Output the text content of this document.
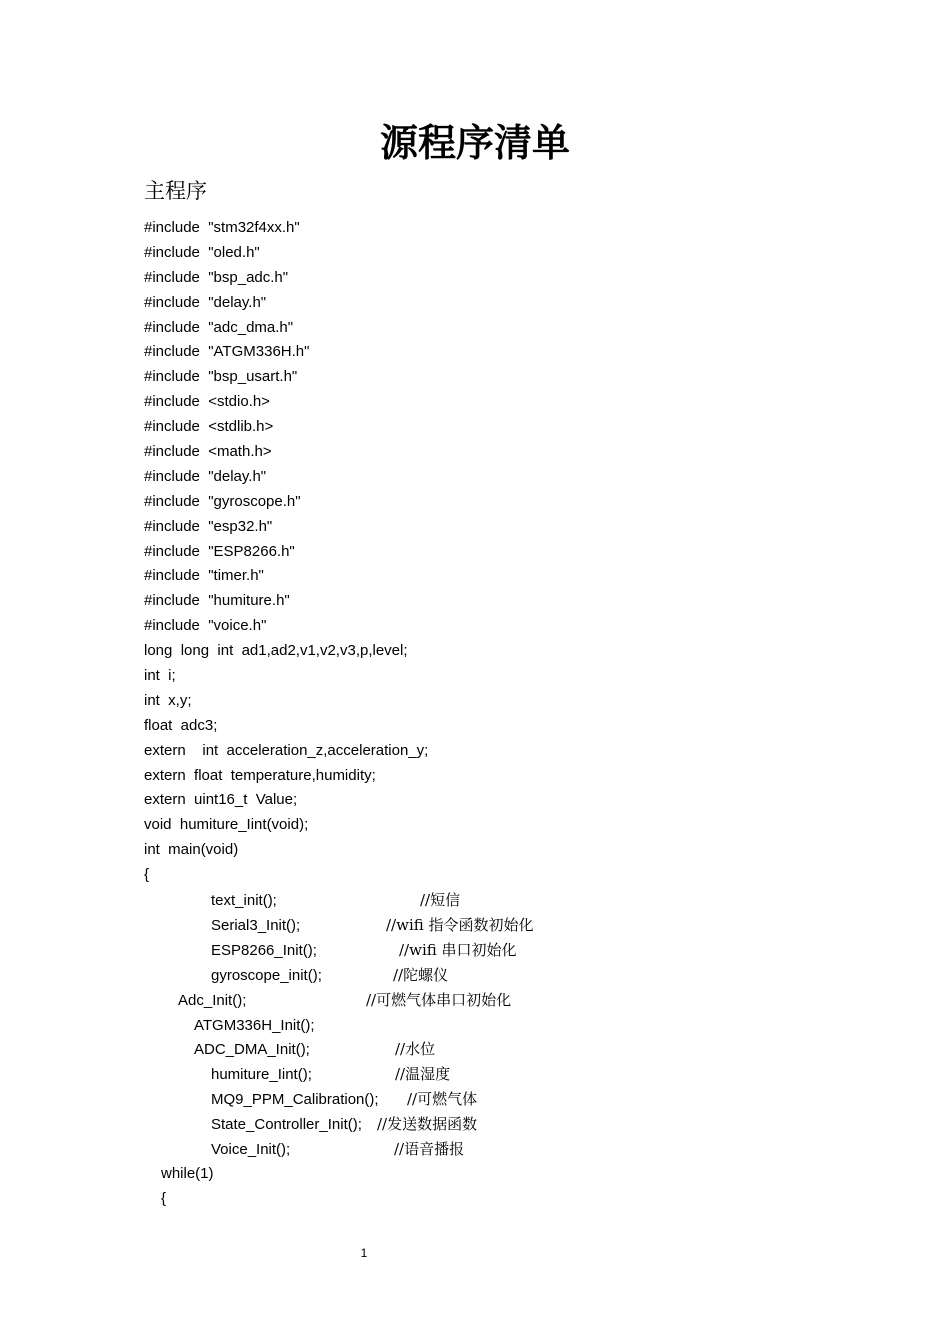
源程序清单
主程序
#include  "stm32f4xx.h"
#include  "oled.h"
#include  "bsp_adc.h"
#include  "delay.h"
#include  "adc_dma.h"
#include  "ATGM336H.h"
#include  "bsp_usart.h"
#include  <stdio.h>
#include  <stdlib.h>
#include  <math.h>
#include  "delay.h"
#include  "gyroscope.h"
#include  "esp32.h"
#include  "ESP8266.h"
#include  "timer.h"
#include  "humiture.h"
#include  "voice.h"
long  long  int  ad1,ad2,v1,v2,v3,p,level;
int  i;
int  x,y;
float  adc3;
extern    int  acceleration_z,acceleration_y;
extern  float  temperature,humidity;
extern  uint16_t  Value;
void  humiture_Iint(void);
int  main(void)
{
text_init();	//短信
Serial3_Init();	//wifi 指令函数初始化
ESP8266_Init();	//wifi 串口初始化
gyroscope_init();	//陀螺仪
Adc_Init();	//可燃气体串口初始化
ATGM336H_Init();
ADC_DMA_Init();	//水位
humiture_Iint();	//温湿度
MQ9_PPM_Calibration(); //可燃气体
State_Controller_Init(); //发送数据函数
Voice_Init();	//语音播报
while(1)
{
1
